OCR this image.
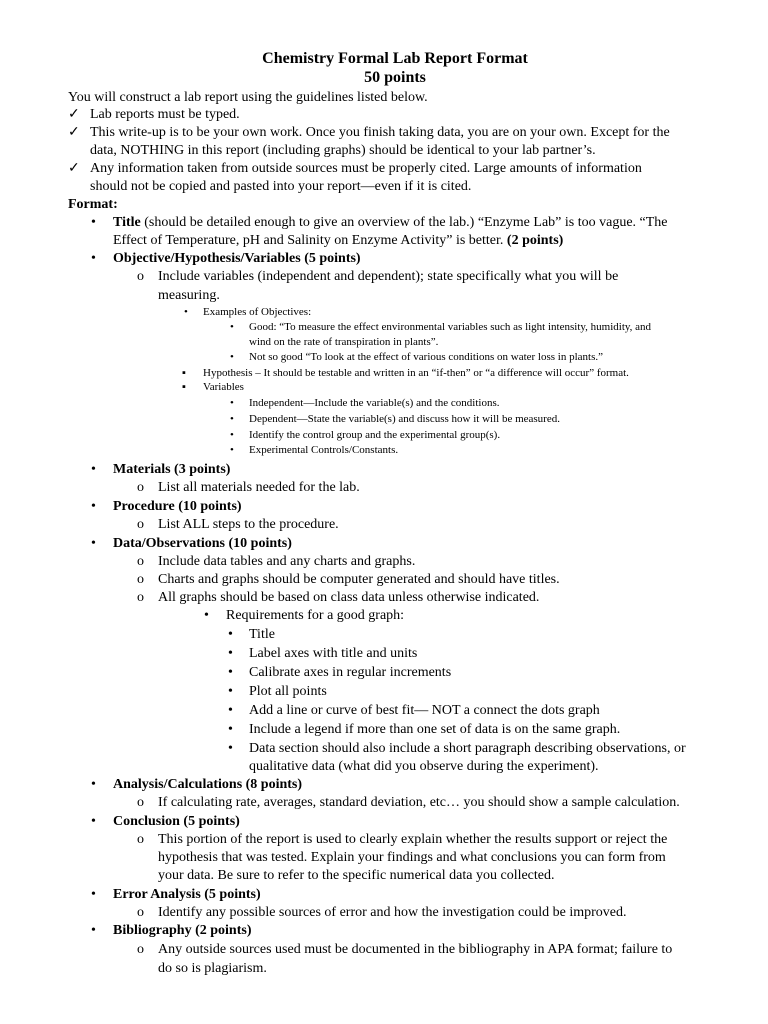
Chemistry Formal Lab Report Format
50 points
You will construct a lab report using the guidelines listed below.
✓ Lab reports must be typed.
✓ This write-up is to be your own work. Once you finish taking data, you are on your own. Except for the
data, NOTHING in this report (including graphs) should be identical to your lab partner’s.
✓ Any information taken from outside sources must be properly cited. Large amounts of information
should not be copied and pasted into your report—even if it is cited.
Format:
• Title (should be detailed enough to give an overview of the lab.) “Enzyme Lab” is too vague. “The
Effect of Temperature, pH and Salinity on Enzyme Activity” is better. (2 points)
• Objective/Hypothesis/Variables (5 points)
o Include variables (independent and dependent); state specifically what you will be
measuring.
• Examples of Objectives:
• Good: “To measure the effect environmental variables such as light intensity, humidity, and
wind on the rate of transpiration in plants”.
• Not so good “To look at the effect of various conditions on water loss in plants.”
▪ Hypothesis – It should be testable and written in an “if-then” or “a difference will occur” format.
▪ Variables
• Independent—Include the variable(s) and the conditions.
• Dependent—State the variable(s) and discuss how it will be measured.
• Identify the control group and the experimental group(s).
• Experimental Controls/Constants.
• Materials (3 points)
o List all materials needed for the lab.
• Procedure (10 points)
o List ALL steps to the procedure.
• Data/Observations (10 points)
o Include data tables and any charts and graphs.
o Charts and graphs should be computer generated and should have titles.
o All graphs should be based on class data unless otherwise indicated.
• Requirements for a good graph:
• Title
• Label axes with title and units
• Calibrate axes in regular increments
• Plot all points
• Add a line or curve of best fit— NOT a connect the dots graph
• Include a legend if more than one set of data is on the same graph.
• Data section should also include a short paragraph describing observations, or
qualitative data (what did you observe during the experiment).
• Analysis/Calculations (8 points)
o If calculating rate, averages, standard deviation, etc… you should show a sample calculation.
• Conclusion (5 points)
o This portion of the report is used to clearly explain whether the results support or reject the
hypothesis that was tested. Explain your findings and what conclusions you can form from
your data. Be sure to refer to the specific numerical data you collected.
• Error Analysis (5 points)
o Identify any possible sources of error and how the investigation could be improved.
• Bibliography (2 points)
o Any outside sources used must be documented in the bibliography in APA format; failure to
do so is plagiarism.
